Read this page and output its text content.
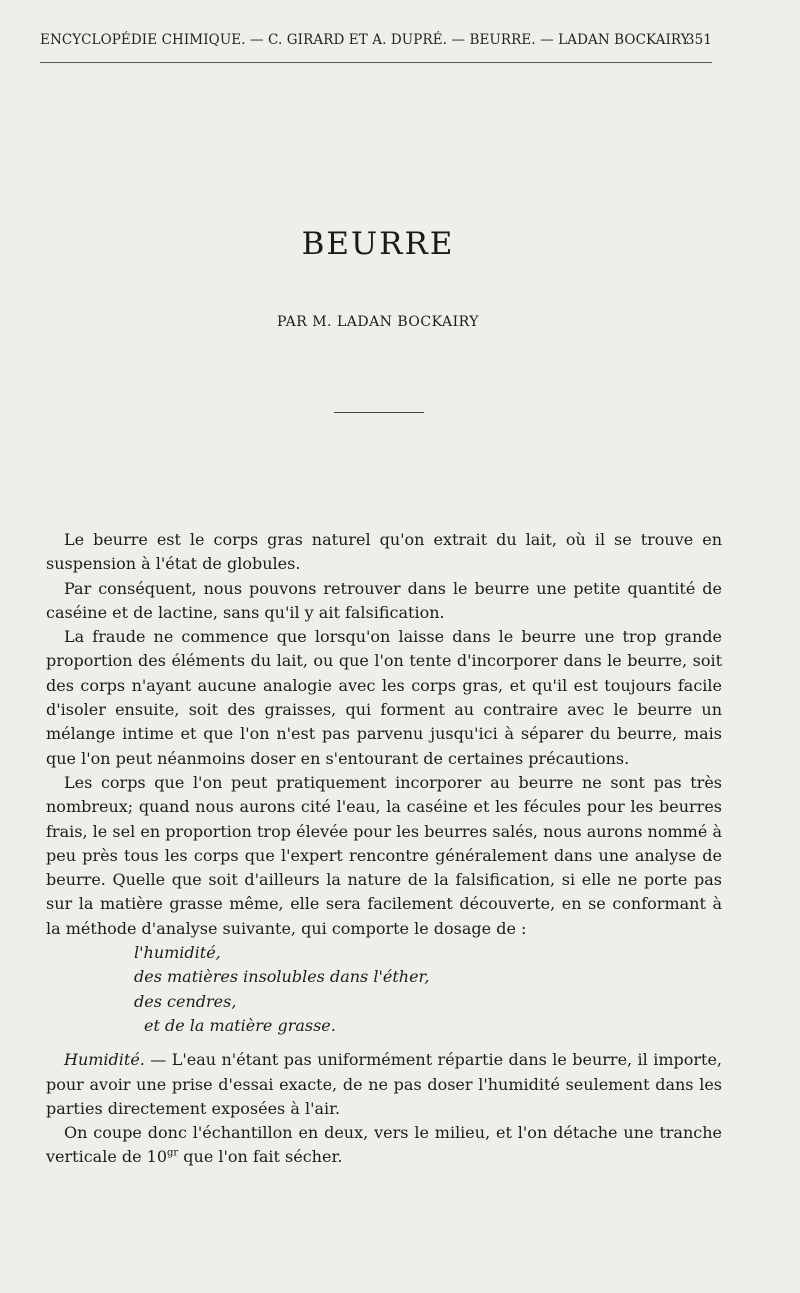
ENCYCLOPÉDIE CHIMIQUE. — C. GIRARD ET A. DUPRÉ. — BEURRE. — LADAN BOCKAIRY
351
BEURRE
PAR M. LADAN BOCKAIRY

Le beurre est le corps gras naturel qu'on extrait du lait, où il se trouve en suspension à l'état de globules.

Par conséquent, nous pouvons retrouver dans le beurre une petite quantité de caséine et de lactine, sans qu'il y ait falsification.

La fraude ne commence que lorsqu'on laisse dans le beurre une trop grande proportion des éléments du lait, ou que l'on tente d'incorporer dans le beurre, soit des corps n'ayant aucune analogie avec les corps gras, et qu'il est toujours facile d'isoler ensuite, soit des graisses, qui forment au contraire avec le beurre un mélange intime et que l'on n'est pas parvenu jusqu'ici à séparer du beurre, mais que l'on peut néanmoins doser en s'entourant de certaines précautions.

Les corps que l'on peut pratiquement incorporer au beurre ne sont pas très nombreux; quand nous aurons cité l'eau, la caséine et les fécules pour les beurres frais, le sel en proportion trop élevée pour les beurres salés, nous aurons nommé à peu près tous les corps que l'expert rencontre généralement dans une analyse de beurre. Quelle que soit d'ailleurs la nature de la falsification, si elle ne porte pas sur la matière grasse même, elle sera facilement découverte, en se conformant à la méthode d'analyse suivante, qui comporte le dosage de :

l'humidité,
des matières insolubles dans l'éther,
des cendres,
et de la matière grasse.

Humidité. — L'eau n'étant pas uniformément répartie dans le beurre, il importe, pour avoir une prise d'essai exacte, de ne pas doser l'humidité seulement dans les parties directement exposées à l'air.

On coupe donc l'échantillon en deux, vers le milieu, et l'on détache une tranche verticale de $10^{gr}$ que l'on fait sécher.
